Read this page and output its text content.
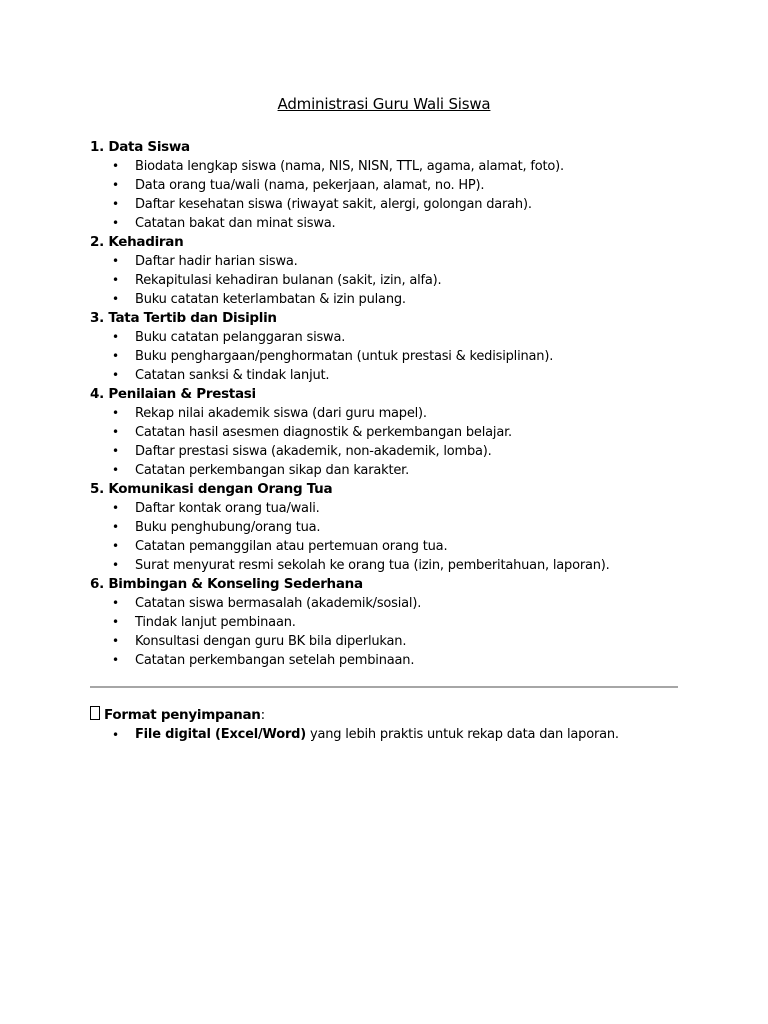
Administrasi Guru Wali Siswa
1. Data Siswa
• Biodata lengkap siswa (nama, NIS, NISN, TTL, agama, alamat, foto).
• Data orang tua/wali (nama, pekerjaan, alamat, no. HP).
• Daftar kesehatan siswa (riwayat sakit, alergi, golongan darah).
• Catatan bakat dan minat siswa.
2. Kehadiran
• Daftar hadir harian siswa.
• Rekapitulasi kehadiran bulanan (sakit, izin, alfa).
• Buku catatan keterlambatan & izin pulang.
3. Tata Tertib dan Disiplin
• Buku catatan pelanggaran siswa.
• Buku penghargaan/penghormatan (untuk prestasi & kedisiplinan).
• Catatan sanksi & tindak lanjut.
4. Penilaian & Prestasi
• Rekap nilai akademik siswa (dari guru mapel).
• Catatan hasil asesmen diagnostik & perkembangan belajar.
• Daftar prestasi siswa (akademik, non-akademik, lomba).
• Catatan perkembangan sikap dan karakter.
5. Komunikasi dengan Orang Tua
• Daftar kontak orang tua/wali.
• Buku penghubung/orang tua.
• Catatan pemanggilan atau pertemuan orang tua.
• Surat menyurat resmi sekolah ke orang tua (izin, pemberitahuan, laporan).
6. Bimbingan & Konseling Sederhana
• Catatan siswa bermasalah (akademik/sosial).
• Tindak lanjut pembinaan.
• Konsultasi dengan guru BK bila diperlukan.
• Catatan perkembangan setelah pembinaan.
Format penyimpanan:
• File digital (Excel/Word) yang lebih praktis untuk rekap data dan laporan.
